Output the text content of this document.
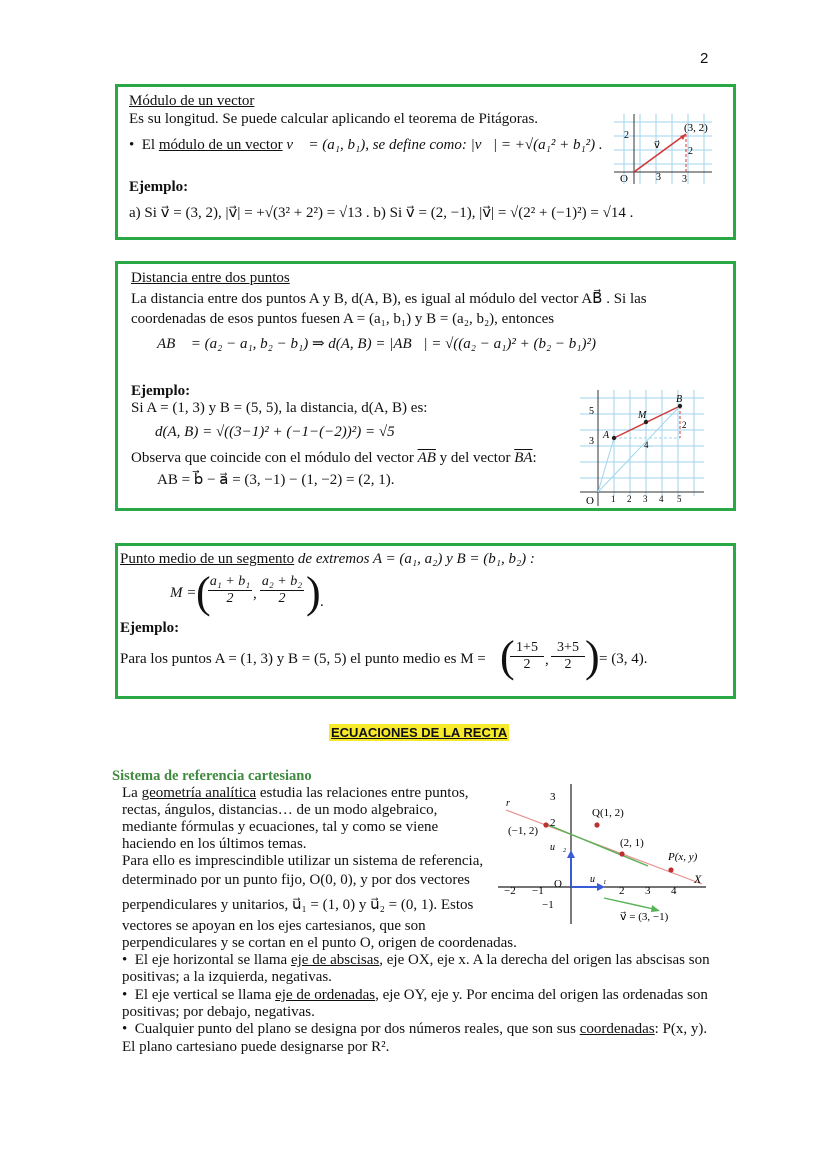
2
Módulo de un vector
Es su longitud. Se puede calcular aplicando el teorema de Pitágoras.
•  El módulo de un vector v⃗ = (a₁, b₁), se define como: |v⃗| = +√(a₁² + b₁²) .
Ejemplo:
a) Si v⃗ = (3, 2), |v⃗| = +√(3² + 2²) = √13 . b) Si v⃗ = (2, −1), |v⃗| = √(2² + (−1)²) = √14 .
(3, 2)
2
O	3 3
2
v⃗
Distancia entre dos puntos
La distancia entre dos puntos A y B, d(A, B), es igual al módulo del vector AB⃗ . Si las
coordenadas de esos puntos fuesen A = (a₁, b₁) y B = (a₂, b₂), entonces
AB⃗ = (a₂ − a₁, b₂ − b₁) ⇒ d(A, B) = |AB⃗| = √((a₂ − a₁)² + (b₂ − b₁)²)
Ejemplo:
Si A = (1, 3) y B = (5, 5), la distancia, d(A, B) es:
d(A, B) = √((3−1)² + (−1−(−2))²) = √5
Observa que coincide con el módulo del vector $\overline{AB}$ y del vector $\overline{BA}$:
AB = b⃗ − a⃗ = (3, −1) − (1, −2) = (2, 1).
5
3
O 1 2 3 4 5
A
B
M
2
4
Punto medio de un segmento de extremos A = (a₁, a₂) y B = (b₁, b₂) :
M = ( a₁ + b₁
2	,
a₂ + b₂
2 ) .
Ejemplo:
Para los puntos A = (1, 3) y B = (5, 5) el punto medio es M = ( 1+5
2 ,
3+5
2 ) = (3, 4).
ECUACIONES DE LA RECTA
Sistema de referencia cartesiano
La geometría analítica estudia las relaciones entre puntos,
rectas, ángulos, distancias… de un modo algebraico,
mediante fórmulas y ecuaciones, tal y como se viene
haciendo en los últimos temas.
Para ello es imprescindible utilizar un sistema de referencia,
determinado por un punto fijo, O(0, 0), y por dos vectores
perpendiculares y unitarios, u⃗₁ = (1, 0) y u⃗₂ = (0, 1). Estos
vectores se apoyan en los ejes cartesianos, que son
perpendiculares y se cortan en el punto O, origen de coordenadas.
•  El eje horizontal se llama eje de abscisas, eje OX, eje x. A la derecha del origen las abscisas son
positivas; a la izquierda, negativas.
•  El eje vertical se llama eje de ordenadas, eje OY, eje y. Por encima del origen las ordenadas son
positivas; por debajo, negativas.
•  Cualquier punto del plano se designa por dos números reales, que son sus coordenadas: P(x, y).
El plano cartesiano puede designarse por R².
3
2
−1
−2 −1
O
2 3 4
X
r
Q(1, 2)
(2, 1)
P(x, y)
(−1, 2)
u⃗₁
u⃗₂
v⃗ = (3, −1)
